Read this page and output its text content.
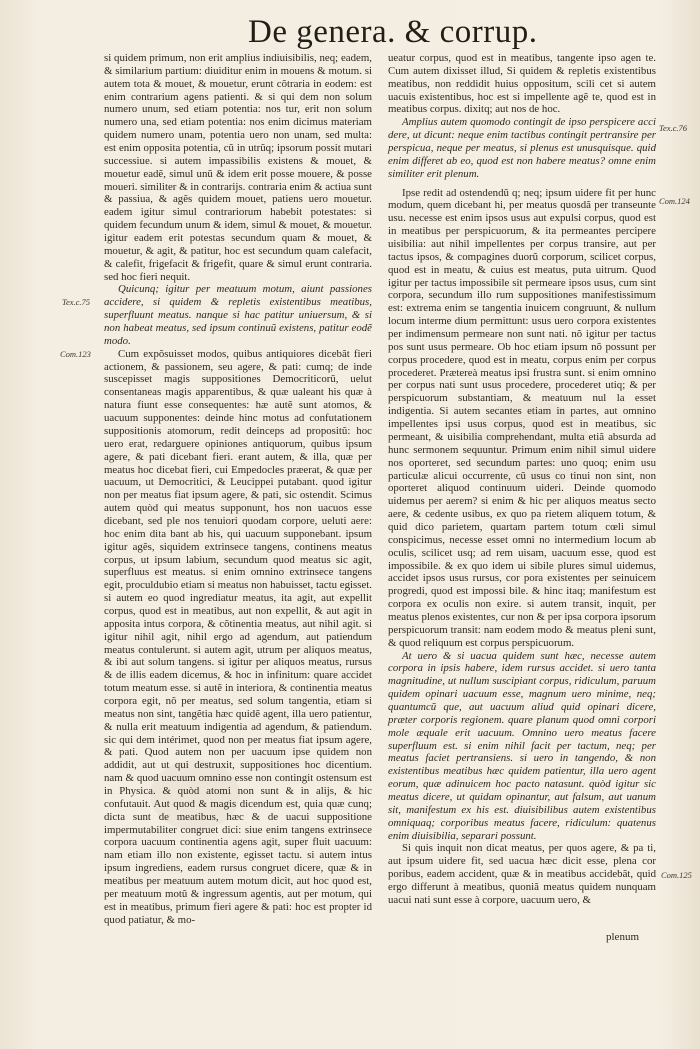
De genera. & corrup.
Tex.c.75
Com.123
Tex.c.76
Com.124
Com.125

si quidem primum, non erit amplius indiuisibilis, neq; eadem, & similarium partium: diuiditur enim in mouens & motum. si autem tota & mouet, & mouetur, erunt cõtraria in eodem: est enim contrarium agens patienti. & si qui dem non solum numero unum, sed etiam potentia: nos tur, erit non solum numero una, sed etiam potentia: nos enim dicimus materiam quidem numero unam, potentia uero non unam, sed multa: est enim opposita potentia, cũ in utrũq; ipsorum possit mutari successiue. si autem impassibilis existens & mouet, & mouetur eadẽ, simul unũ & idem erit posse mouere, & posse moueri. similiter & in contrarijs. contraria enim & actiua sunt & passiua, & agẽs quidem mouet, patiens uero mouetur. eadem igitur simul contrariorum habebit potestates: si quidem fecundum unum & idem, simul & mouet, & mouetur. igitur eadem erit potestas secundum quam & mouet, & mouetur, & agit, & patitur, hoc est secundum quam calefacit, & calefit, frigefacit & frigefit, quare & simul erunt contraria. sed hoc fieri nequit.

Quicunq; igitur per meatuum motum, aiunt passiones accidere, si quidem & repletis existentibus meatibus, superfluunt meatus. nanque si hac patitur uniuersum, & si non habeat meatus, sed ipsum continuũ existens, patitur eodẽ modo.

Cum expõsuisset modos, quibus antiquiores dicebãt fieri actionem, & passionem, seu agere, & pati: cumq; de inde suscepisset magis suppositiones Democriticorũ, uelut consentaneas magis apparentibus, & quæ ualeant his quæ à natura fiunt esse consequentes: hæ autẽ sunt atomos, & uacuum supponentes: deinde hinc motus ad confutationem suppositionis atomorum, redit deinceps ad propositũ: hoc uero erat, redarguere opiniones antiquorum, quibus ipsum agere, & pati dicebant fieri. erant autem, & illa, quæ per meatus hoc dicebat fieri, cui Empedocles præerat, & quæ per uacuum, ut Democritici, & Leucippei putabant. quod igitur non per meatus fiat ipsum agere, & pati, sic ostendit. Scimus autem quòd qui meatus supponunt, hos non uacuos esse dicebant, sed ple nos tenuiori quodam corpore, ueluti aere: hoc enim dita bant ab his, qui uacuum supponebant. ipsum igitur agẽs, siquidem extrinsece tangens, continens meatus corpus, ut ipsum labium, secundum quod meatus sic agit, superfluus est meatus. si enim omnino extrinsece tangens egit, proculdubio etiam si meatus non habuisset, tactu egisset. si autem eo quod ingrediatur meatus, ita agit, aut expellit corpus, quod est in meatibus, aut non expellit, & aut agit in apposita intus corpora, & cõtinentia meatus, aut nihil agit. si igitur nihil agit, nihil ergo ad agendum, aut patiendum meatus contulerunt. si autem agit, utrum per aliquos meatus, & ibi aut solum tangens. si igitur per aliquos meatus, rursus & de illis eadem dicemus, & hoc in infinitum: quare accidet totum meatum esse. si autẽ in interiora, & continentia meatus corpora egit, nõ per meatus, sed solum tangentia, etiam si meatus non sint, tangẽtia hæc quidẽ agent, illa uero patientur, & nulla erit meatuum indigentia ad agendum, & patiendum. sic qui dem intérimet, quod non per meatus fiat ipsum agere, & pati. Quod autem non per uacuum ipse quidem non addidit, aut ut qui destruxit, suppositiones hoc dicentium. nam & quod uacuum omnino esse non contingit ostensum est in Physica. & quòd atomi non sunt & in alijs, & hic confutauit. Aut quod & magis dicendum est, quia quæ cunq; dicta sunt de meatibus, hæc & de uacui suppositione impermutabiliter congruet dici: siue enim tangens extrinsece corpora uacuum continentia agens agit, super fluit uacuum: nam etiam illo non existente, egisset tactu. si autem intus ipsum ingrediens, eadem rursus congruet dicere, quæ & in meatibus per meatuum autem motum dicit, aut hoc quod est, per meatuum motũ & ingressum agentis, aut per motum, qui est in meatibus, primum fieri agere & pati: hoc est propter id quod patiatur, & mo-

ueatur corpus, quod est in meatibus, tangente ipso agen te. Cum autem dixisset illud, Si quidem & repletis existentibus meatibus, non reddidit huius oppositum, scili cet si autem uacuis existentibus, hoc est si impellente agẽ te, quod est in meatibus corpus. dixitq; aut nos de hoc.

Amplius autem quomodo contingit de ipso perspicere acci dere, ut dicunt: neque enim tactibus contingit pertransire per perspicua, neque per meatus, si plenus est unusquisque. quid enim differet ab eo, quod est non habere meatus? omne enim similiter erit plenum.

Ipse redit ad ostendendũ q; neq; ipsum uidere fit per hunc modum, quem dicebant hi, per meatus quosdã per transeunte usu. necesse est enim ipsos usus aut expulsi corpus, quod est in meatibus per perspicuorum, & ita permeantes percipere uisibilia: aut nihil impellentes per corpus transire, aut per tactus ipsos, & compagines duorũ corporum, scilicet corpus, quod est in meatu, & cuius est meatus, puta uitrum. Quod igitur per tactus impossibile sit permeare ipsos usus, cum sint corpora, secundum illo rum suppositiones manifestissimum est: extrema enim se tangentia inuicem congruunt, & nullum locum interme dium permittunt: usus uero corpora existentes per indimensum permeare non sunt nati. nõ igitur per tactus pos sunt usus permeare. Ob hoc etiam ipsum nõ possunt per corpus procedere, quod est in meatu, corpus enim per corpus procederet. Prætereà meatus ipsi frustra sunt. si enim omnino per corpus nati sunt usus procedere, procederet utiq; & per perspicuorum substantiam, & meatuum nul la esset indigentia. Si autem secantes etiam in partes, aut omnino impellentes ipsi usus corpus, quod est in meatibus, sic permeant, & uisibilia comprehendant, multa etiã absurda ad hunc sermonem sequuntur. Primum enim nihil simul uidere nos oporteret, sed secundum partes: uno quoq; enim usu particulæ alicui occurrente, cũ usus co tinui non sint, non oporteret aliquod continuum uideri. Deinde quomodo uidemus per aerem? si enim & hic per aliquos meatus secto aere, & cedente usibus, ex quo pa rietem aliquem totum, & quid dico parietem, quartam partem totum cœli simul conspicimus, necesse esset omni no intermedium locum ab oculis, scilicet usq; ad rem uisam, uacuum esse, quod est impossibile. & ex quo idem ui sibile plures simul uidemus, accidet ipsos usus rursus, cor pora existentes per seinuicem progredi, quod est impossi bile. & hinc itaq; manifestum est corpora ex oculis non exire. si autem transit, inquit, per meatus plenos existentes, cur non & per ipsa corpora ipsorum perspicuorum transit: nam eodem modo & meatus pleni sunt, & quod reliquum est corpus perspicuorum.

At uero & si uacua quidem sunt hæc, necesse autem corpora in ipsis habere, idem rursus accidet. si uero tanta magnitudine, ut nullum suscipiant corpus, ridiculum, paruum quidem opinari uacuum esse, magnum uero minime, neq; quantumcũ que, aut uacuum aliud quid opinari dicere, præter corporis regionem. quare planum quod omni corpori mole æquale erit uacuum. Omnino uero meatus facere superfluum est. si enim nihil facit per tactum, neq; per meatus faciet pertransiens. si uero in tangendo, & non existentibus meatibus hæc quidem patientur, illa uero agent eorum, quæ adinuicem hoc pacto natasunt. quòd igitur sic meatus dicere, ut quidam opinantur, aut falsum, aut uanum sit, manifestum ex his est. diuisibilibus autem existentibus omniquaq; corporibus meatus facere, ridiculum: quatenus enim diuisibilia, separari possunt.

Si quis inquit non dicat meatus, per quos agere, & pa ti, aut ipsum uidere fit, sed uacua hæc dicit esse, plena cor poribus, eadem accident, quæ & in meatibus accidebãt, quid ergo differunt à meatibus, quoniã meatus quidem nunquam uacui nati sunt esse à corpore, uacuum uero, &

plenum
